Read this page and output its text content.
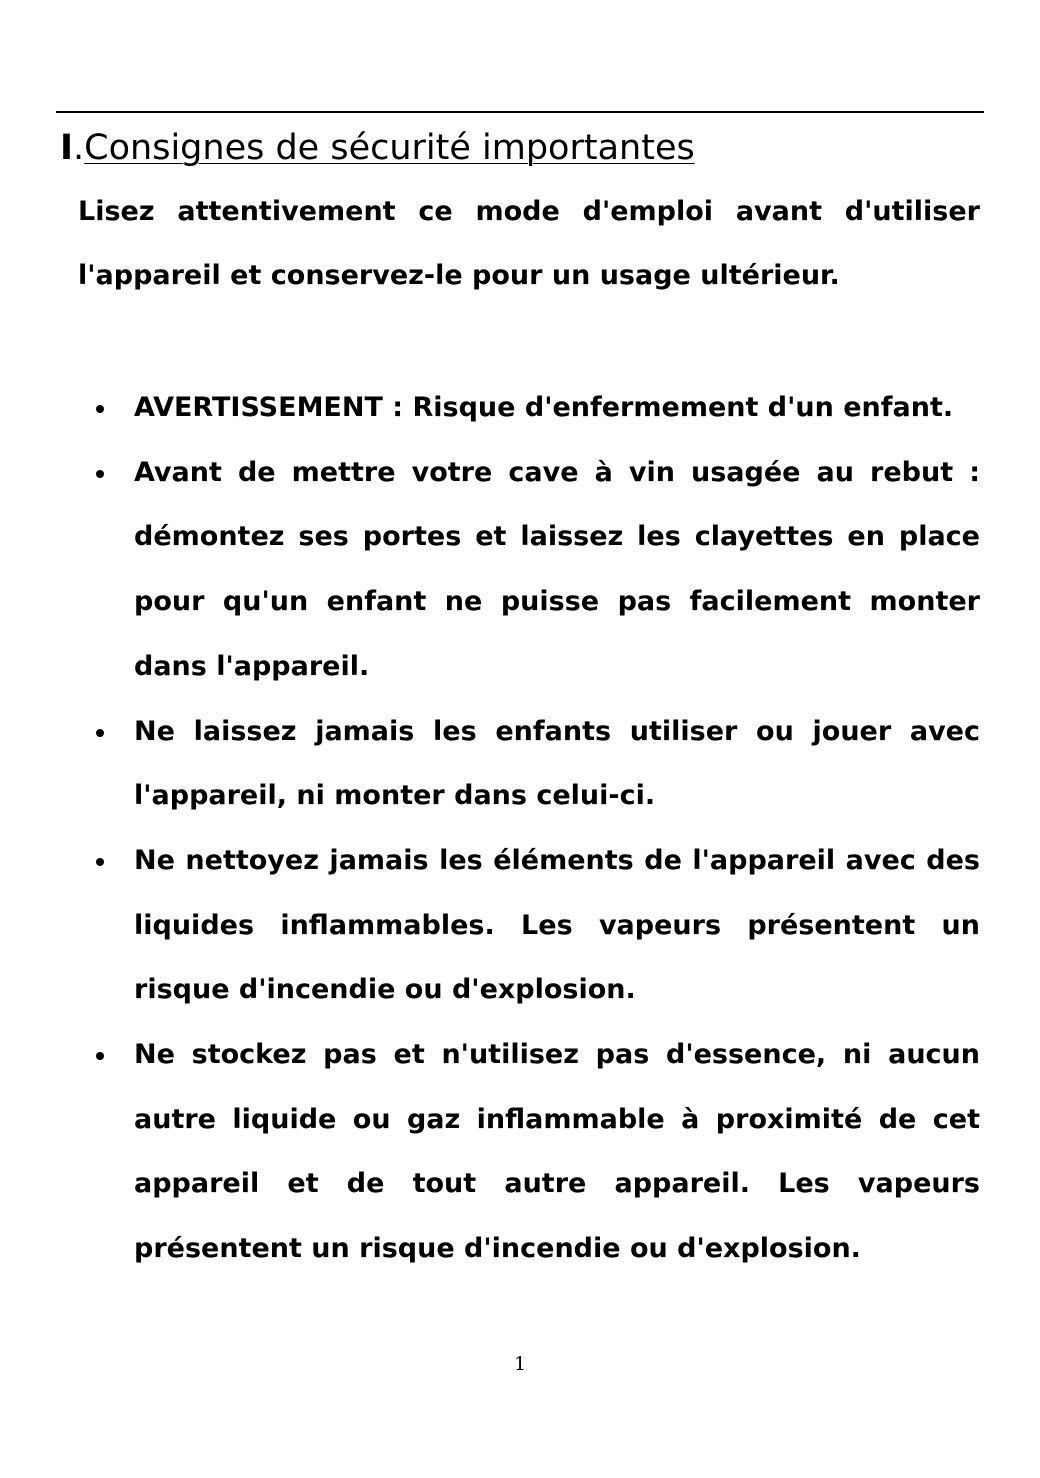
I.Consignes de sécurité importantes

Lisez attentivement ce mode d'emploi avant d'utiliser l'appareil et conservez-le pour un usage ultérieur.

AVERTISSEMENT : Risque d'enfermement d'un enfant.
Avant de mettre votre cave à vin usagée au rebut : démontez ses portes et laissez les clayettes en place pour qu'un enfant ne puisse pas facilement monter dans l'appareil.
Ne laissez jamais les enfants utiliser ou jouer avec l'appareil, ni monter dans celui-ci.
Ne nettoyez jamais les éléments de l'appareil avec des liquides inflammables. Les vapeurs présentent un risque d'incendie ou d'explosion.
Ne stockez pas et n'utilisez pas d'essence, ni aucun autre liquide ou gaz inflammable à proximité de cet appareil et de tout autre appareil. Les vapeurs présentent un risque d'incendie ou d'explosion.
1
